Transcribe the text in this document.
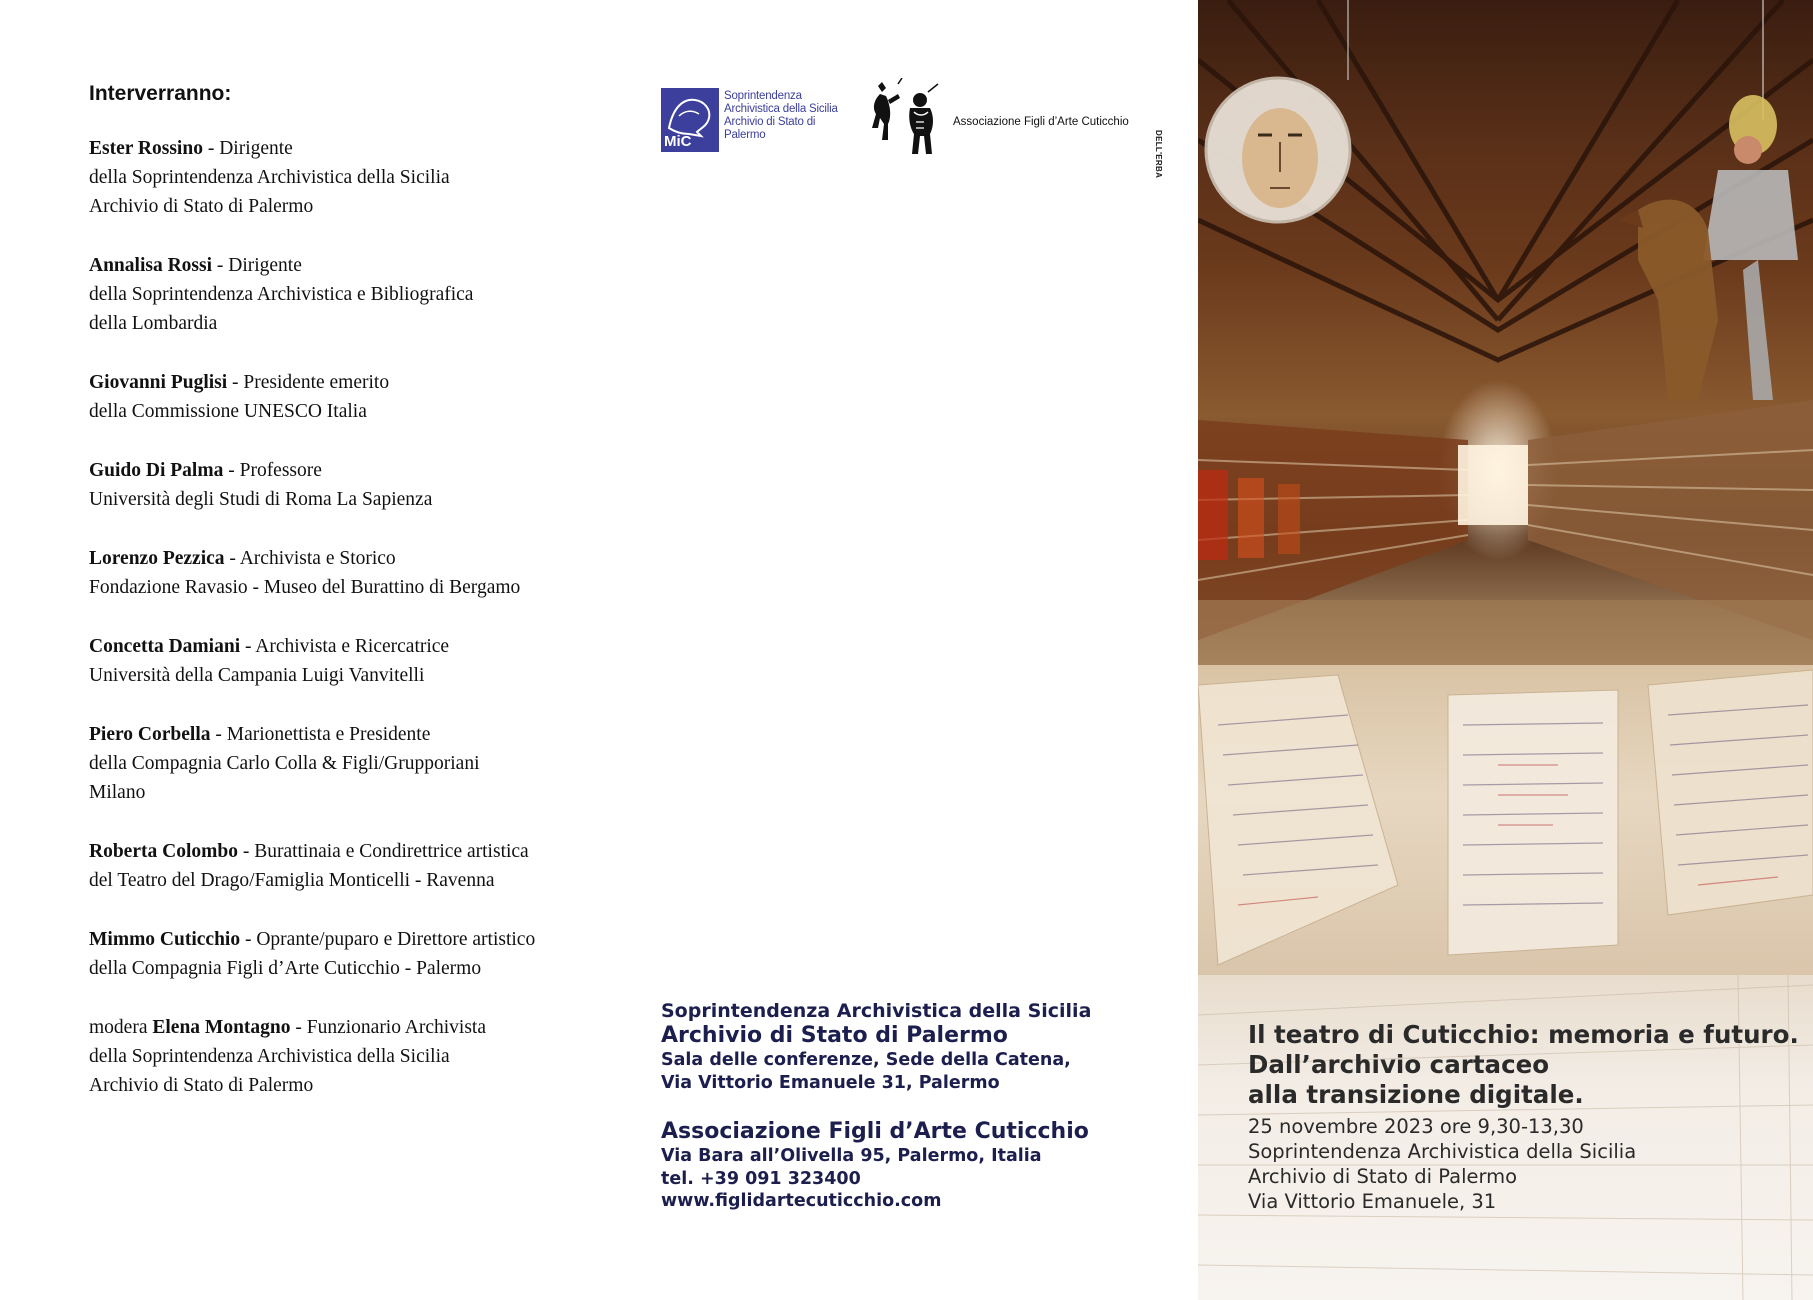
Interverranno:
Ester Rossino - Dirigente
della Soprintendenza Archivistica della Sicilia
Archivio di Stato di Palermo
Annalisa Rossi - Dirigente
della Soprintendenza Archivistica e Bibliografica
della Lombardia
Giovanni Puglisi - Presidente emerito
della Commissione UNESCO Italia
Guido Di Palma - Professore
Università degli Studi di Roma La Sapienza
Lorenzo Pezzica - Archivista e Storico
Fondazione Ravasio - Museo del Burattino di Bergamo
Concetta Damiani - Archivista e Ricercatrice
Università della Campania Luigi Vanvitelli
Piero Corbella - Marionettista e Presidente
della Compagnia Carlo Colla & Figli/Grupporiani
Milano
Roberta Colombo - Burattinaia e Condirettrice artistica
del Teatro del Drago/Famiglia Monticelli - Ravenna
Mimmo Cuticchio - Oprante/puparo e Direttore artistico
della Compagnia Figli d’Arte Cuticchio - Palermo
modera Elena Montagno - Funzionario Archivista
della Soprintendenza Archivistica della Sicilia
Archivio di Stato di Palermo
MiC
Soprintendenza
Archivistica della Sicilia
Archivio di Stato di
Palermo
Associazione Figli d’Arte Cuticchio
DELL'ERBA
Soprintendenza Archivistica della Sicilia
Archivio di Stato di Palermo
Sala delle conferenze, Sede della Catena,
Via Vittorio Emanuele 31, Palermo
Associazione Figli d’Arte Cuticchio
Via Bara all’Olivella 95, Palermo, Italia
tel. +39 091 323400
www.figlidartecuticchio.com
Il teatro di Cuticchio: memoria e futuro.
Dall’archivio cartaceo
alla transizione digitale.
25 novembre 2023 ore 9,30-13,30
Soprintendenza Archivistica della Sicilia
Archivio di Stato di Palermo
Via Vittorio Emanuele, 31
